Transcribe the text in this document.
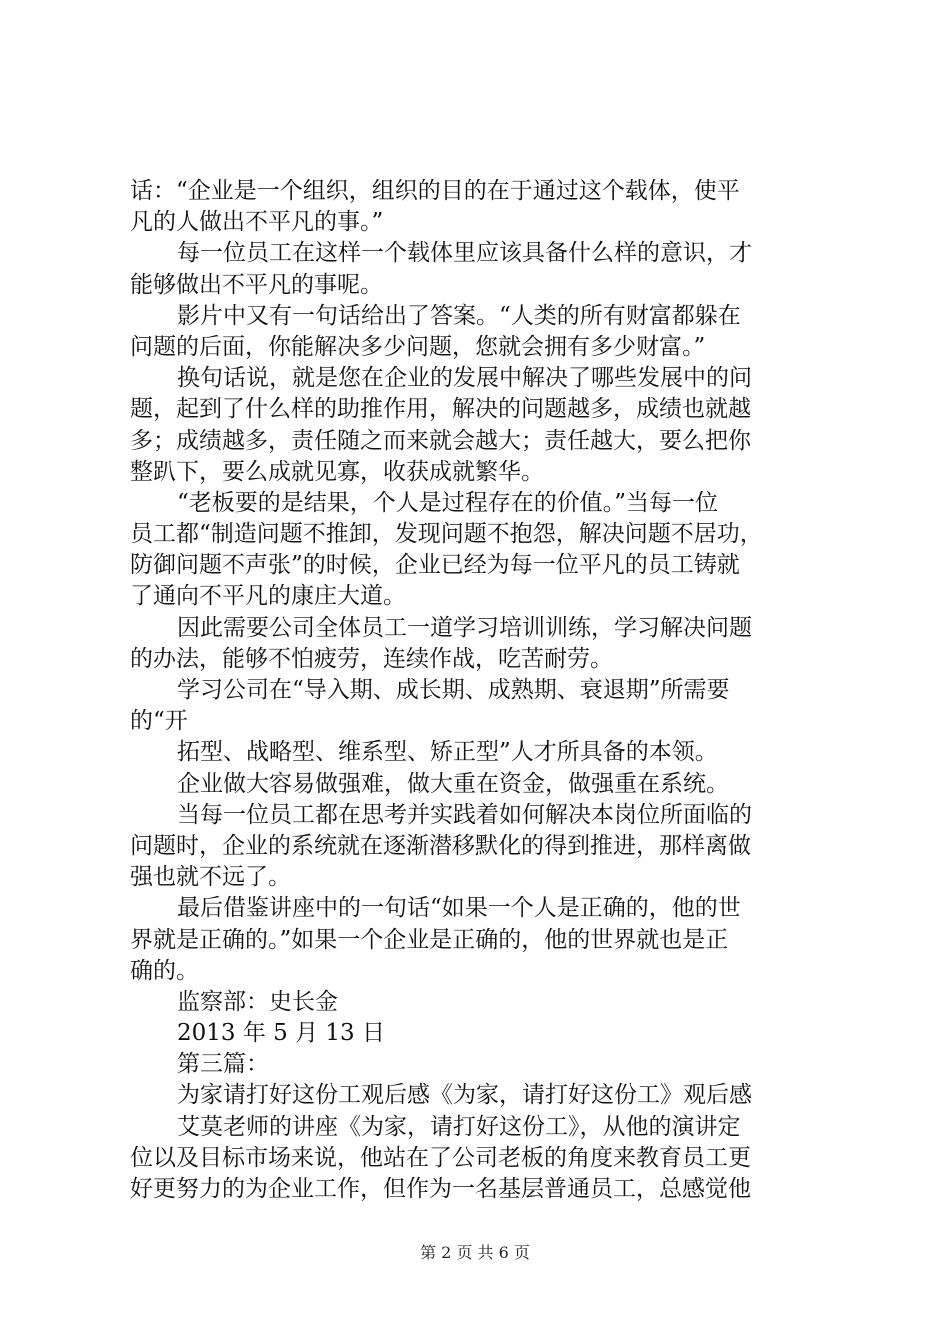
话：“企业是一个组织，组织的目的在于通过这个载体，使平
凡的人做出不平凡的事。”
每一位员工在这样一个载体里应该具备什么样的意识，才
能够做出不平凡的事呢。
影片中又有一句话给出了答案。“人类的所有财富都躲在
问题的后面，你能解决多少问题，您就会拥有多少财富。”
换句话说，就是您在企业的发展中解决了哪些发展中的问
题，起到了什么样的助推作用，解决的问题越多，成绩也就越
多；成绩越多，责任随之而来就会越大；责任越大，要么把你
整趴下，要么成就见寡，收获成就繁华。
“老板要的是结果，个人是过程存在的价值。”当每一位
员工都“制造问题不推卸，发现问题不抱怨，解决问题不居功，
防御问题不声张”的时候，企业已经为每一位平凡的员工铸就
了通向不平凡的康庄大道。
因此需要公司全体员工一道学习培训训练，学习解决问题
的办法，能够不怕疲劳，连续作战，吃苦耐劳。
学习公司在“导入期、成长期、成熟期、衰退期”所需要
的“开
拓型、战略型、维系型、矫正型”人才所具备的本领。
企业做大容易做强难，做大重在资金，做强重在系统。
当每一位员工都在思考并实践着如何解决本岗位所面临的
问题时，企业的系统就在逐渐潜移默化的得到推进，那样离做
强也就不远了。
最后借鉴讲座中的一句话“如果一个人是正确的，他的世
界就是正确的。”如果一个企业是正确的，他的世界就也是正
确的。
监察部：史长金
2013 年 5 月 13 日
第三篇：
为家请打好这份工观后感《为家，请打好这份工》观后感
艾莫老师的讲座《为家，请打好这份工》，从他的演讲定
位以及目标市场来说，他站在了公司老板的角度来教育员工更
好更努力的为企业工作，但作为一名基层普通员工，总感觉他
第 2 页 共 6 页
